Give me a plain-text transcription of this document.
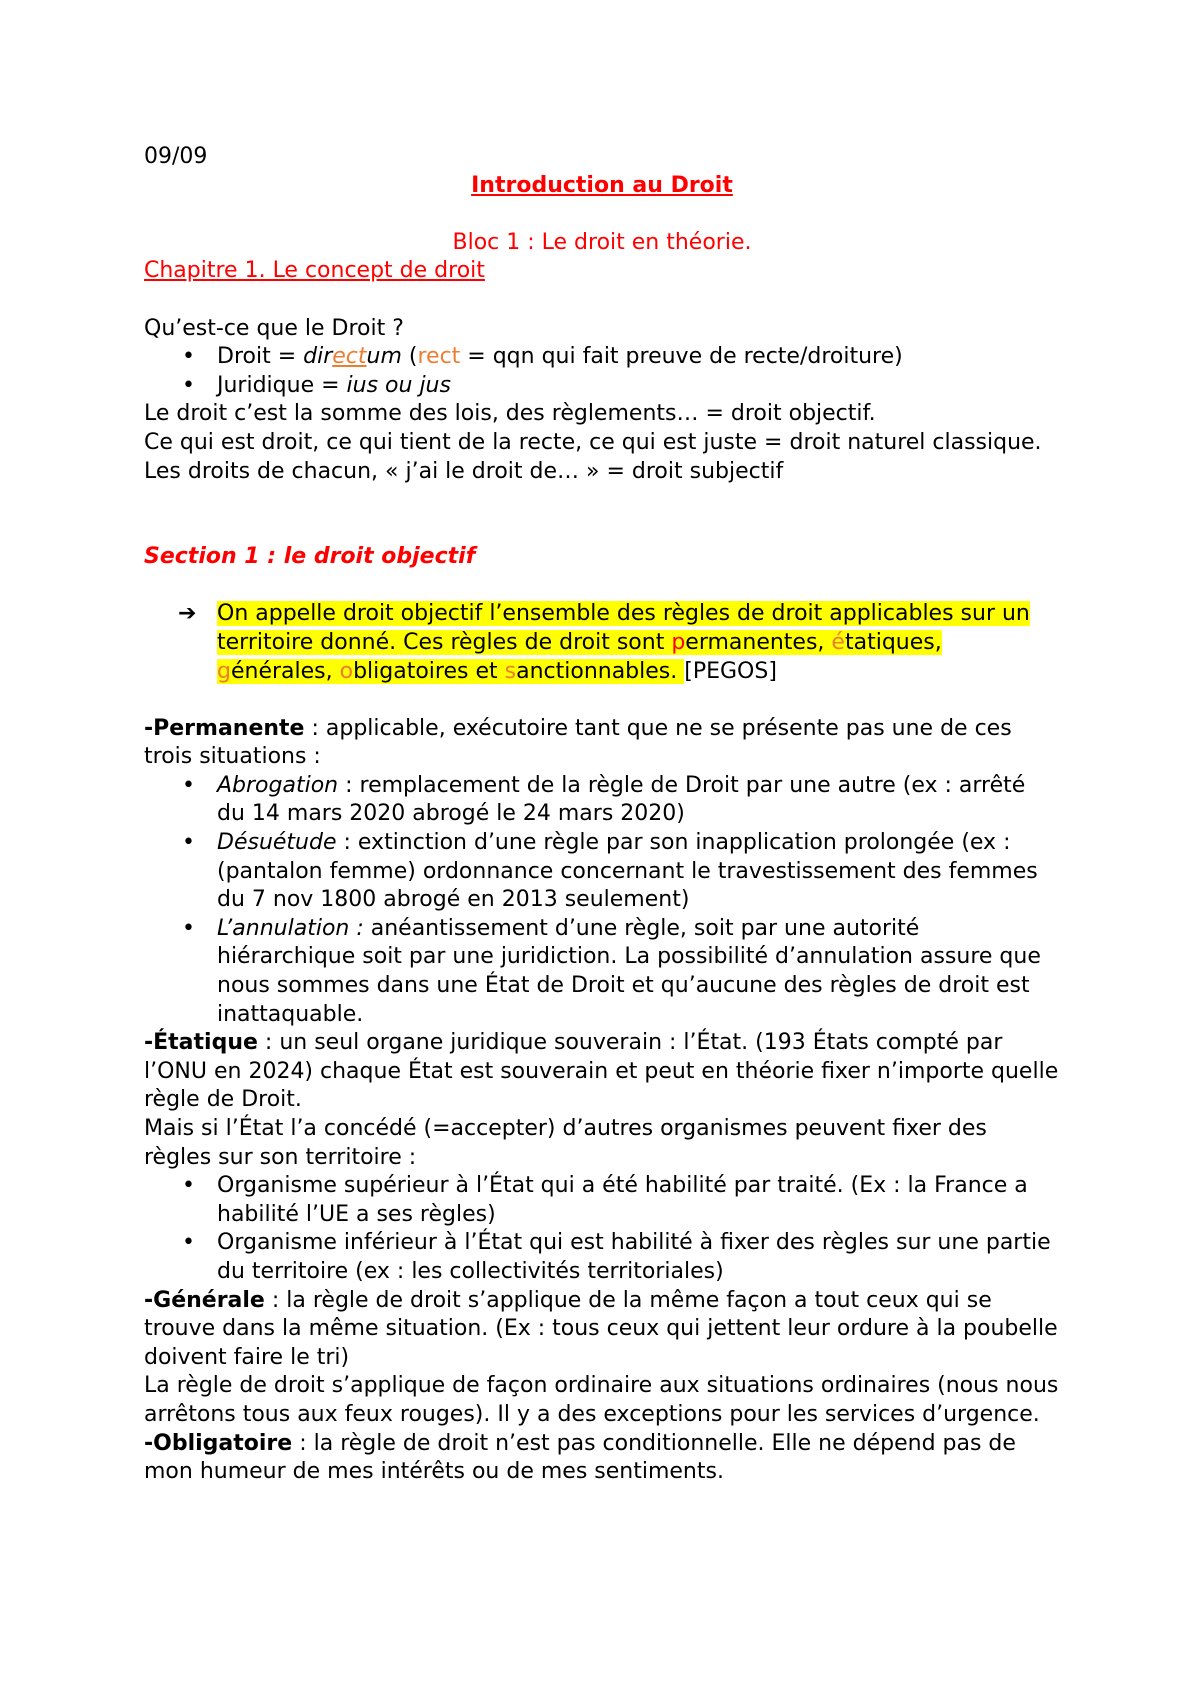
09/09

Introduction au Droit

Bloc 1 : Le droit en théorie.

Chapitre 1. Le concept de droit

Qu’est-ce que le Droit ?

• Droit = directum (rect = qqn qui fait preuve de recte/droiture)
• Juridique = ius ou jus

Le droit c’est la somme des lois, des règlements… = droit objectif.

Ce qui est droit, ce qui tient de la recte, ce qui est juste = droit naturel classique.

Les droits de chacun, « j’ai le droit de… » = droit subjectif

Section 1 : le droit objectif

➔ On appelle droit objectif l’ensemble des règles de droit applicables sur un territoire donné. Ces règles de droit sont permanentes, étatiques, générales, obligatoires et sanctionnables. [PEGOS]

-Permanente : applicable, exécutoire tant que ne se présente pas une de ces trois situations :

• Abrogation : remplacement de la règle de Droit par une autre (ex : arrêté du 14 mars 2020 abrogé le 24 mars 2020)
• Désuétude : extinction d’une règle par son inapplication prolongée (ex : (pantalon femme) ordonnance concernant le travestissement des femmes du 7 nov 1800 abrogé en 2013 seulement)
• L’annulation : anéantissement d’une règle, soit par une autorité hiérarchique soit par une juridiction. La possibilité d’annulation assure que nous sommes dans une État de Droit et qu’aucune des règles de droit est inattaquable.

-Étatique : un seul organe juridique souverain : l’État. (193 États compté par l’ONU en 2024) chaque État est souverain et peut en théorie fixer n’importe quelle règle de Droit.

Mais si l’État l’a concédé (=accepter) d’autres organismes peuvent fixer des règles sur son territoire :

• Organisme supérieur à l’État qui a été habilité par traité. (Ex : la France a habilité l’UE a ses règles)
• Organisme inférieur à l’État qui est habilité à fixer des règles sur une partie du territoire (ex : les collectivités territoriales)

-Générale : la règle de droit s’applique de la même façon a tout ceux qui se trouve dans la même situation. (Ex : tous ceux qui jettent leur ordure à la poubelle doivent faire le tri)

La règle de droit s’applique de façon ordinaire aux situations ordinaires (nous nous arrêtons tous aux feux rouges). Il y a des exceptions pour les services d’urgence.

-Obligatoire : la règle de droit n’est pas conditionnelle. Elle ne dépend pas de mon humeur de mes intérêts ou de mes sentiments.
